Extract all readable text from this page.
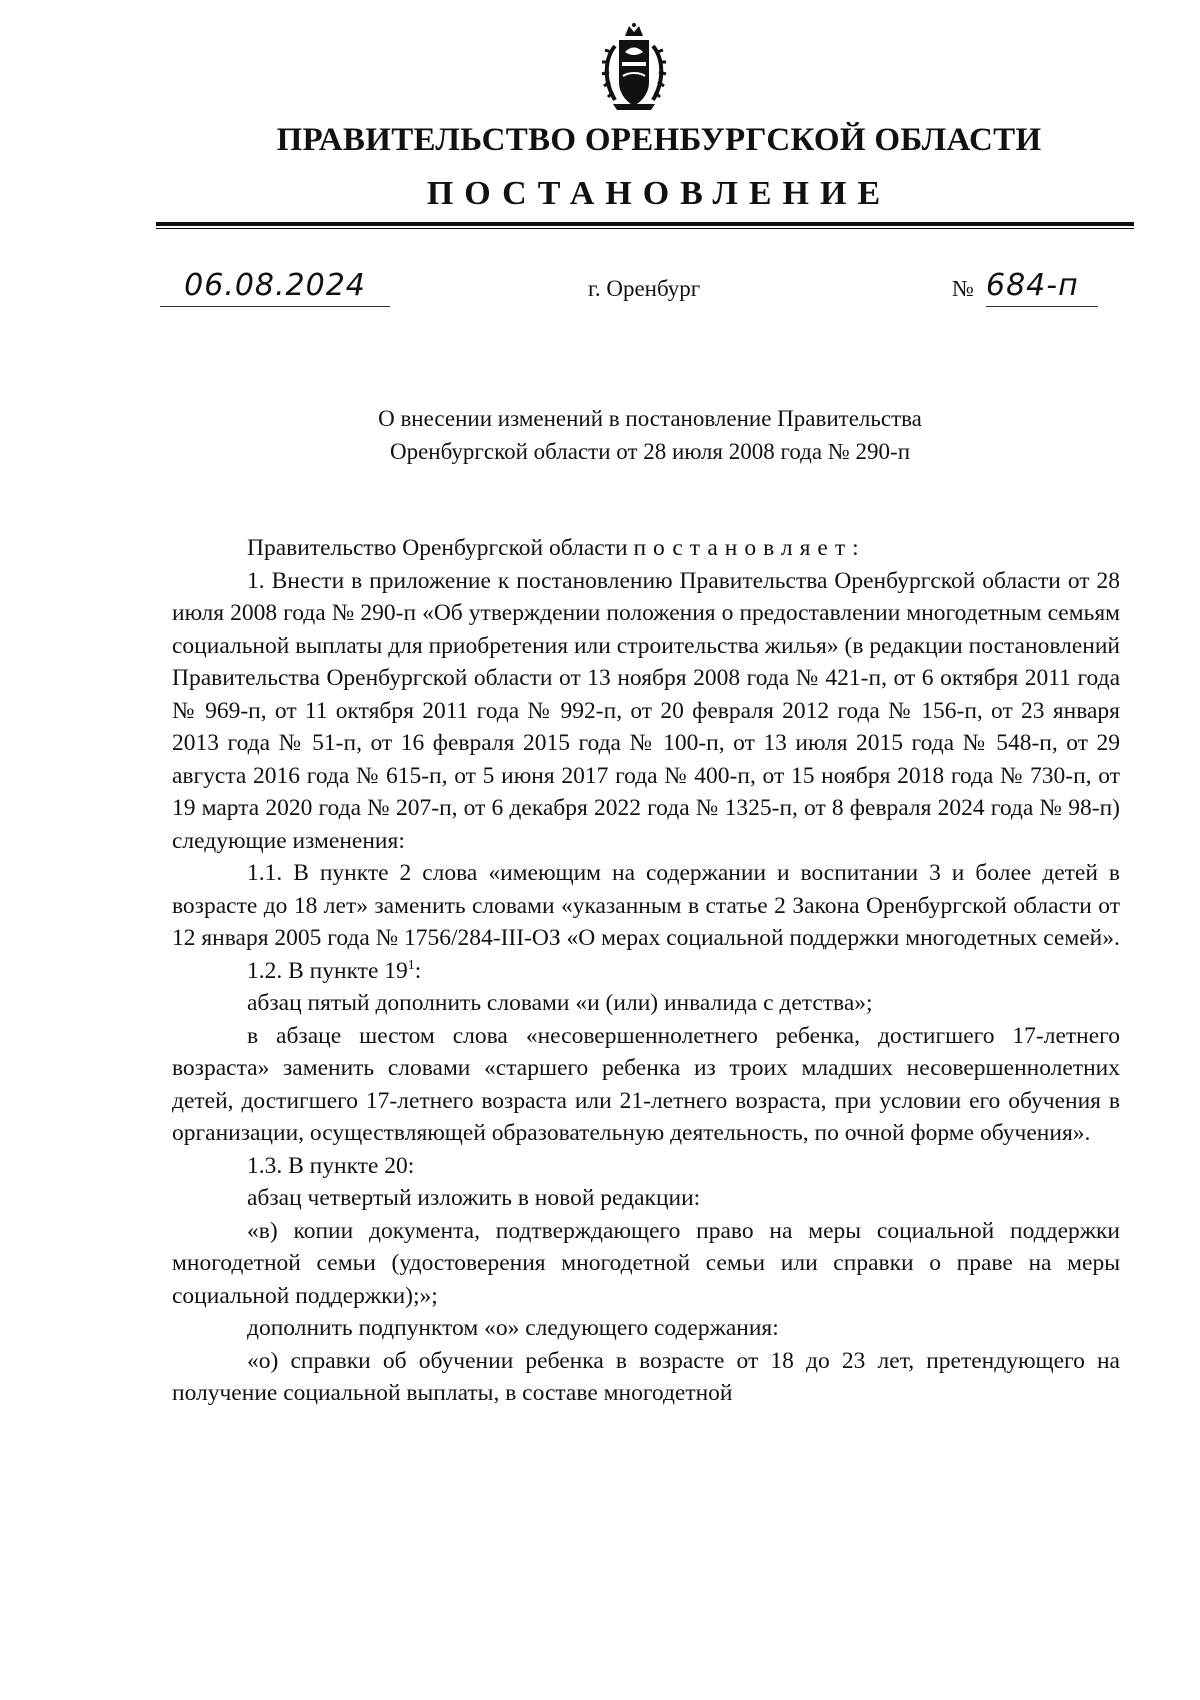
ПРАВИТЕЛЬСТВО ОРЕНБУРГСКОЙ ОБЛАСТИ
ПОСТАНОВЛЕНИЕ
06.08.2024	г. Оренбург	№ 684-п
О внесении изменений в постановление Правительства
Оренбургской области от 28 июля 2008 года № 290-п

Правительство Оренбургской области постановляет:

1. Внести в приложение к постановлению Правительства Оренбургской области от 28 июля 2008 года № 290-п «Об утверждении положения о предоставлении многодетным семьям социальной выплаты для приобретения или строительства жилья» (в редакции постановлений Правительства Оренбургской области от 13 ноября 2008 года № 421-п, от 6 октября 2011 года № 969-п, от 11 октября 2011 года № 992-п, от 20 февраля 2012 года № 156-п, от 23 января 2013 года № 51-п, от 16 февраля 2015 года № 100-п, от 13 июля 2015 года № 548-п, от 29 августа 2016 года № 615-п, от 5 июня 2017 года № 400-п, от 15 ноября 2018 года № 730-п, от 19 марта 2020 года № 207-п, от 6 декабря 2022 года № 1325-п, от 8 февраля 2024 года № 98-п) следующие изменения:

1.1. В пункте 2 слова «имеющим на содержании и воспитании 3 и более детей в возрасте до 18 лет» заменить словами «указанным в статье 2 Закона Оренбургской области от 12 января 2005 года № 1756/284-III-ОЗ «О мерах социальной поддержки многодетных семей».

1.2. В пункте $19^1$:

абзац пятый дополнить словами «и (или) инвалида с детства»;

в абзаце шестом слова «несовершеннолетнего ребенка, достигшего 17-летнего возраста» заменить словами «старшего ребенка из троих младших несовершеннолетних детей, достигшего 17-летнего возраста или 21-летнего возраста, при условии его обучения в организации, осуществляющей образовательную деятельность, по очной форме обучения».

1.3. В пункте 20:

абзац четвертый изложить в новой редакции:

«в) копии документа, подтверждающего право на меры социальной поддержки многодетной семьи (удостоверения многодетной семьи или справки о праве на меры социальной поддержки);»;

дополнить подпунктом «о» следующего содержания:

«о) справки об обучении ребенка в возрасте от 18 до 23 лет, претендующего на получение социальной выплаты, в составе многодетной
